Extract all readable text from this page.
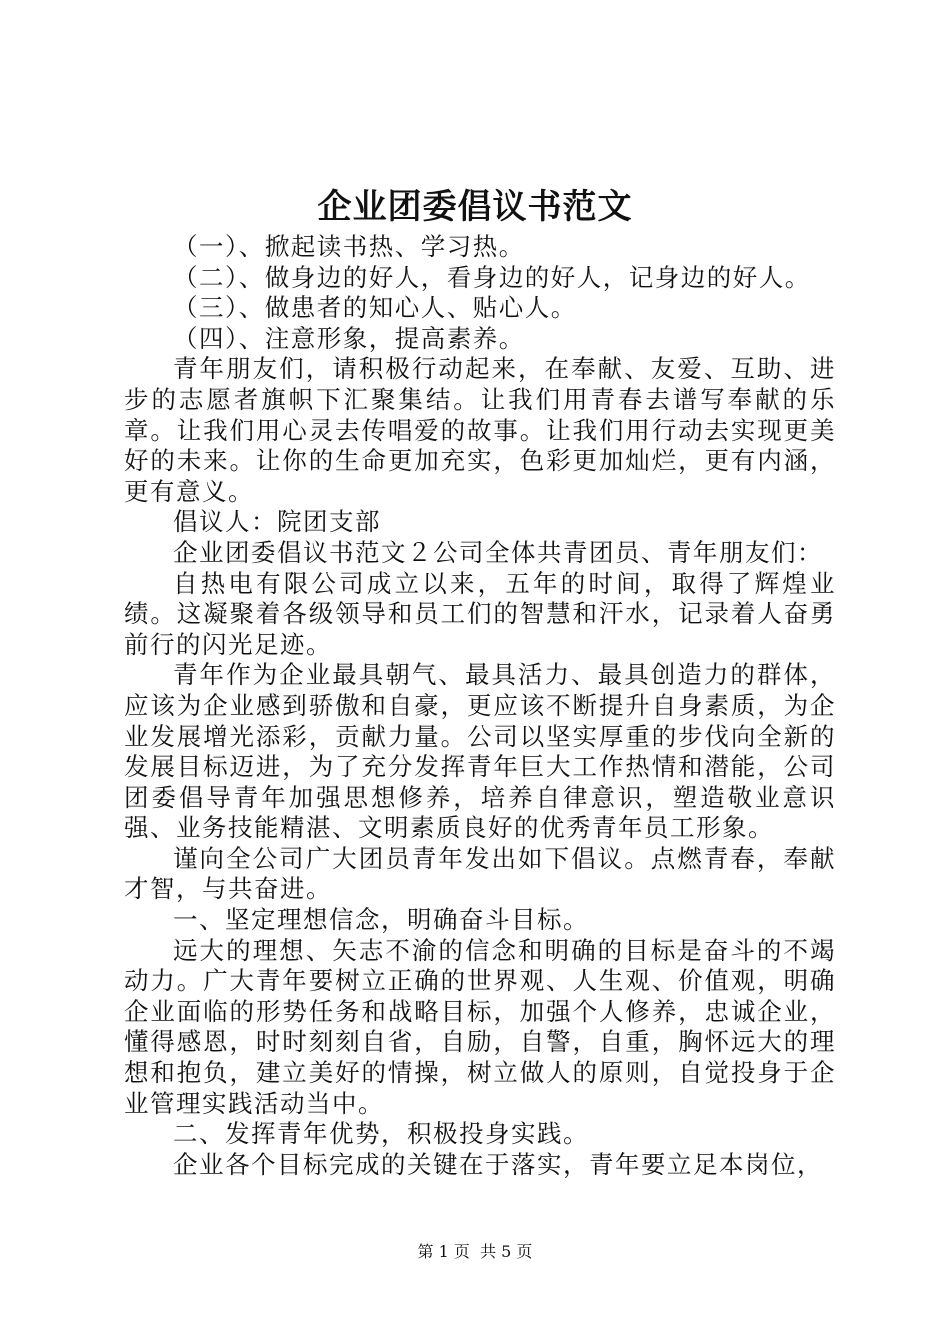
企业团委倡议书范文

（一）、掀起读书热、学习热。

（二）、做身边的好人，看身边的好人，记身边的好人。

（三）、做患者的知心人、贴心人。

（四）、注意形象，提高素养。

青年朋友们，请积极行动起来，在奉献、友爱、互助、进步的志愿者旗帜下汇聚集结。让我们用青春去谱写奉献的乐章。让我们用心灵去传唱爱的故事。让我们用行动去实现更美好的未来。让你的生命更加充实，色彩更加灿烂，更有内涵，更有意义。

倡议人：院团支部

企业团委倡议书范文２公司全体共青团员、青年朋友们：

自热电有限公司成立以来，五年的时间，取得了辉煌业绩。这凝聚着各级领导和员工们的智慧和汗水，记录着人奋勇前行的闪光足迹。

青年作为企业最具朝气、最具活力、最具创造力的群体，应该为企业感到骄傲和自豪，更应该不断提升自身素质，为企业发展增光添彩，贡献力量。公司以坚实厚重的步伐向全新的发展目标迈进，为了充分发挥青年巨大工作热情和潜能，公司团委倡导青年加强思想修养，培养自律意识，塑造敬业意识强、业务技能精湛、文明素质良好的优秀青年员工形象。

谨向全公司广大团员青年发出如下倡议。点燃青春，奉献才智，与共奋进。

一、坚定理想信念，明确奋斗目标。

远大的理想、矢志不渝的信念和明确的目标是奋斗的不竭动力。广大青年要树立正确的世界观、人生观、价值观，明确企业面临的形势任务和战略目标，加强个人修养，忠诚企业，懂得感恩，时时刻刻自省，自励，自警，自重，胸怀远大的理想和抱负，建立美好的情操，树立做人的原则，自觉投身于企业管理实践活动当中。

二、发挥青年优势，积极投身实践。

企业各个目标完成的关键在于落实，青年要立足本岗位，

第 1 页 共 5 页
